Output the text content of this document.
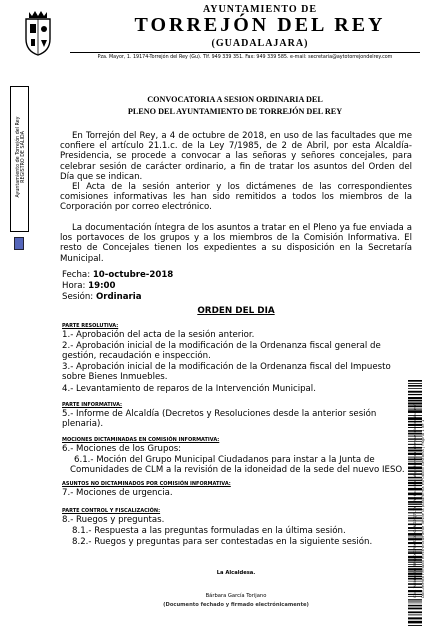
AYUNTAMIENTO DE
TORREJÓN DEL REY
(GUADALAJARA)
Pza. Mayor, 1. 19174-Torrejón del Rey (Gu). Tlf. 949 339 351. Fax: 949 339 585. e-mail: secretaria@aytotorrejondelrey.com
Ayuntamiento de Torrejón del Rey REGISTRO DE SALIDA
CONVOCATORIA A SESION ORDINARIA DEL
PLENO DEL AYUNTAMIENTO DE TORREJÓN DEL REY
En Torrejón del Rey, a 4 de octubre de 2018, en uso de las facultades que me confiere el artículo 21.1.c. de la Ley 7/1985, de 2 de Abril, por esta Alcaldía-Presidencia, se procede a convocar a las señoras y señores concejales, para celebrar sesión de carácter ordinario, a fin de tratar los asuntos del Orden del Día que se indican.
El Acta de la sesión anterior y los dictámenes de las correspondientes comisiones informativas les han sido remitidos a todos los miembros de la Corporación por correo electrónico.
La documentación íntegra de los asuntos a tratar en el Pleno ya fue enviada a los portavoces de los grupos y a los miembros de la Comisión Informativa. El resto de Concejales tienen los expedientes a su disposición en la Secretaría Municipal.
Fecha: 10-octubre-2018
Hora: 19:00
Sesión: Ordinaria
ORDEN DEL DIA
PARTE RESOLUTIVA:
1.- Aprobación del acta de la sesión anterior.
2.- Aprobación inicial de la modificación de la Ordenanza fiscal general de gestión, recaudación e inspección.
3.- Aprobación inicial de la modificación de la Ordenanza fiscal del Impuesto sobre Bienes Inmuebles.
4.- Levantamiento de reparos de la Intervención Municipal.
PARTE INFORMATIVA:
5.- Informe de Alcaldía (Decretos y Resoluciones desde la anterior sesión plenaria).
MOCIONES DICTAMINADAS EN COMISIÓN INFORMATIVA:
6.- Mociones de los Grupos:
6.1.- Moción del Grupo Municipal Ciudadanos para instar a la Junta de Comunidades de CLM a la revisión de la idoneidad de la sede del nuevo IESO.
ASUNTOS NO DICTAMINADOS POR COMISIÓN INFORMATIVA:
7.- Mociones de urgencia.
PARTE CONTROL Y FISCALIZACIÓN:
8.- Ruegos y preguntas.
8.1.- Respuesta a las preguntas formuladas en la última sesión.
8.2.- Ruegos y preguntas para ser contestadas en la siguiente sesión.
La Alcaldesa.
Bárbara García Torijano
(Documento fechado y firmado electrónicamente)
Cód. Validación: 9RQ4XG7PKZAXDC4NG2KJ7L3Y | Verificación: http://torrejondelrey.sedelectronica.es/ Documento firmado electrónicamente desde la plataforma esPublico Gestiona | Página 1 de 1
